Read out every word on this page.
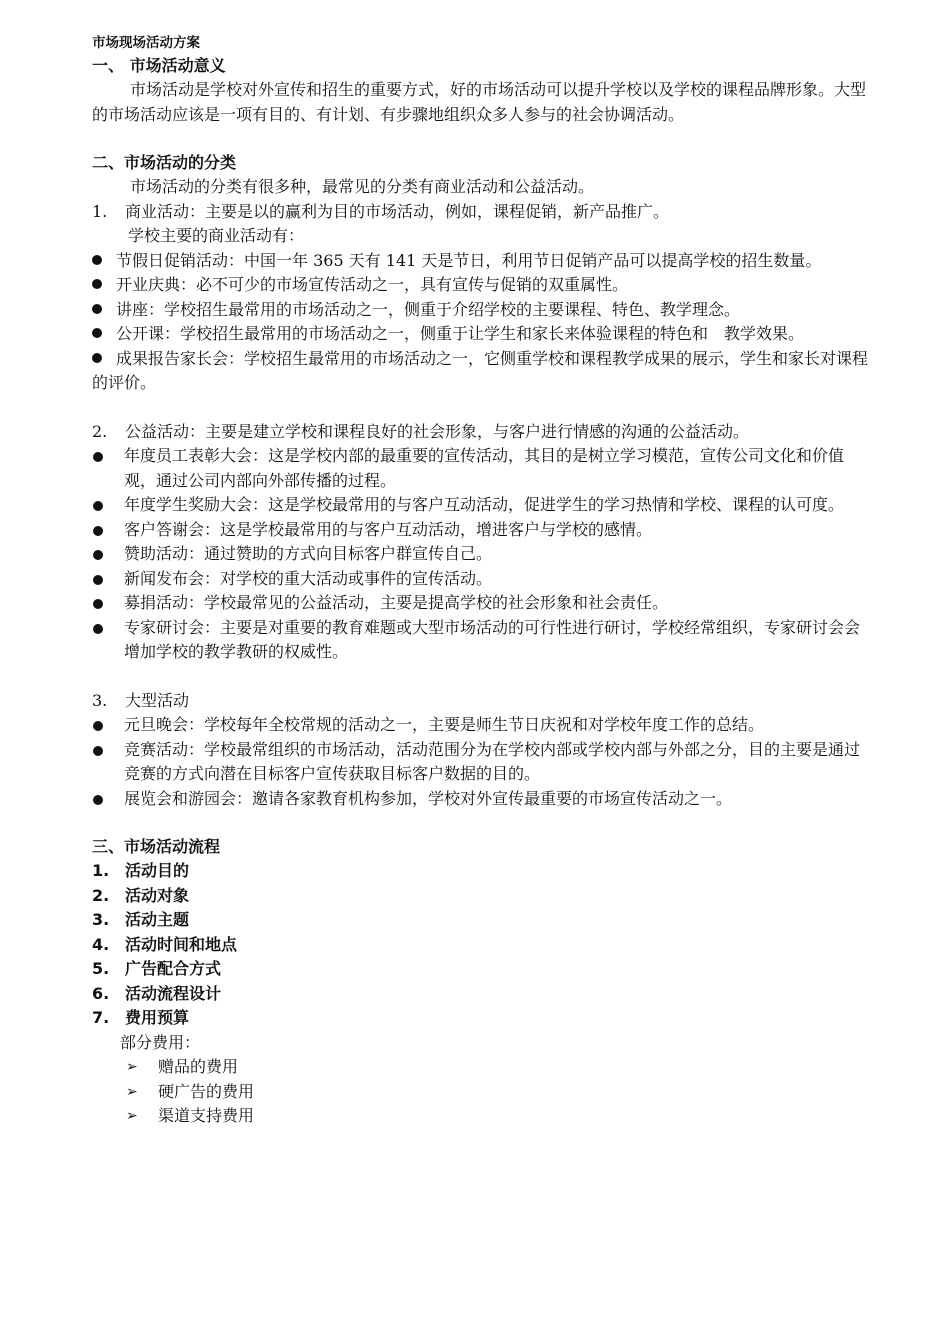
市场现场活动方案
一、 市场活动意义
市场活动是学校对外宣传和招生的重要方式，好的市场活动可以提升学校以及学校的课程品牌形象。大型的市场活动应该是一项有目的、有计划、有步骤地组织众多人参与的社会协调活动。
二、市场活动的分类
市场活动的分类有很多种，最常见的分类有商业活动和公益活动。
1.	商业活动：主要是以的赢利为目的市场活动，例如，课程促销，新产品推广。
学校主要的商业活动有：
节假日促销活动：中国一年 365 天有 141 天是节日，利用节日促销产品可以提高学校的招生数量。
开业庆典：必不可少的市场宣传活动之一，具有宣传与促销的双重属性。
讲座：学校招生最常用的市场活动之一，侧重于介绍学校的主要课程、特色、教学理念。
公开课：学校招生最常用的市场活动之一，侧重于让学生和家长来体验课程的特色和　教学效果。
成果报告家长会：学校招生最常用的市场活动之一，它侧重学校和课程教学成果的展示，学生和家长对课程的评价。
2.	公益活动：主要是建立学校和课程良好的社会形象，与客户进行情感的沟通的公益活动。
年度员工表彰大会：这是学校内部的最重要的宣传活动，其目的是树立学习模范，宣传公司文化和价值观，通过公司内部向外部传播的过程。
年度学生奖励大会：这是学校最常用的与客户互动活动，促进学生的学习热情和学校、课程的认可度。
客户答谢会：这是学校最常用的与客户互动活动，增进客户与学校的感情。
赞助活动：通过赞助的方式向目标客户群宣传自己。
新闻发布会：对学校的重大活动或事件的宣传活动。
募捐活动：学校最常见的公益活动，主要是提高学校的社会形象和社会责任。
专家研讨会：主要是对重要的教育难题或大型市场活动的可行性进行研讨，学校经常组织，专家研讨会会增加学校的教学教研的权威性。
3.	大型活动
元旦晚会：学校每年全校常规的活动之一，主要是师生节日庆祝和对学校年度工作的总结。
竞赛活动：学校最常组织的市场活动，活动范围分为在学校内部或学校内部与外部之分，目的主要是通过竞赛的方式向潜在目标客户宣传获取目标客户数据的目的。
展览会和游园会：邀请各家教育机构参加，学校对外宣传最重要的市场宣传活动之一。
三、市场活动流程
1. 活动目的
2. 活动对象
3. 活动主题
4. 活动时间和地点
5. 广告配合方式
6. 活动流程设计
7. 费用预算
部分费用：
➢	赠品的费用
➢	硬广告的费用
➢	渠道支持费用
